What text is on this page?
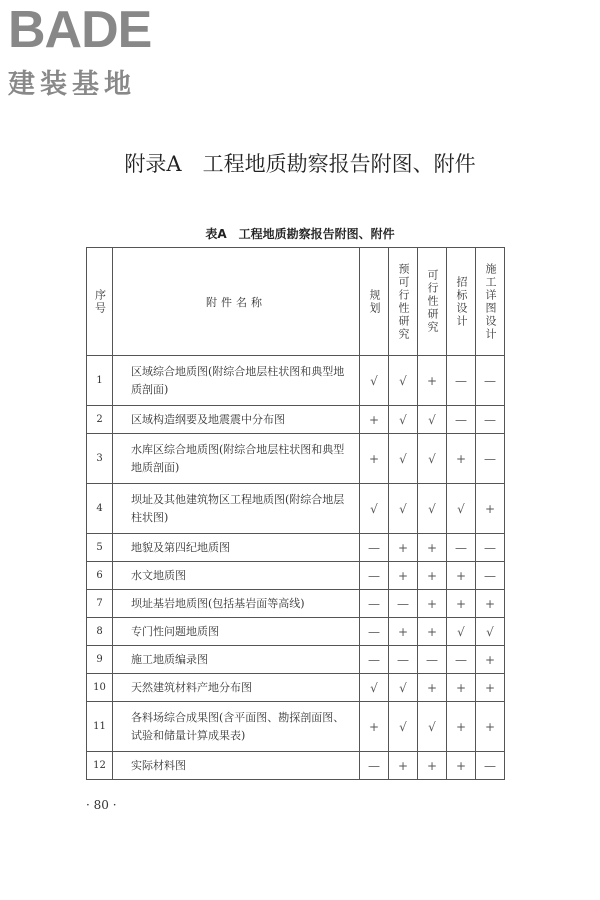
BADE
建装基地
附录A　工程地质勘察报告附图、附件
表A　工程地质勘察报告附图、附件
序号	附件名称	规划	预可行性研究	可行性研究	招标设计	施工详图设计
1	区域综合地质图(附综合地层柱状图和典型地质剖面)	√	√	+	—	—
2	区域构造纲要及地震震中分布图	+	√	√	—	—
3	水库区综合地质图(附综合地层柱状图和典型地质剖面)	+	√	√	+	—
4	坝址及其他建筑物区工程地质图(附综合地层柱状图)	√	√	√	√	+
5	地貌及第四纪地质图	—	+	+	—	—
6	水文地质图	—	+	+	+	—
7	坝址基岩地质图(包括基岩面等高线)	—	—	+	+	+
8	专门性问题地质图	—	+	+	√	√
9	施工地质编录图	—	—	—	—	+
10	天然建筑材料产地分布图	√	√	+	+	+
11	各料场综合成果图(含平面图、勘探剖面图、试验和储量计算成果表)	+	√	√	+	+
12	实际材料图	—	+	+	+	—
· 80 ·
